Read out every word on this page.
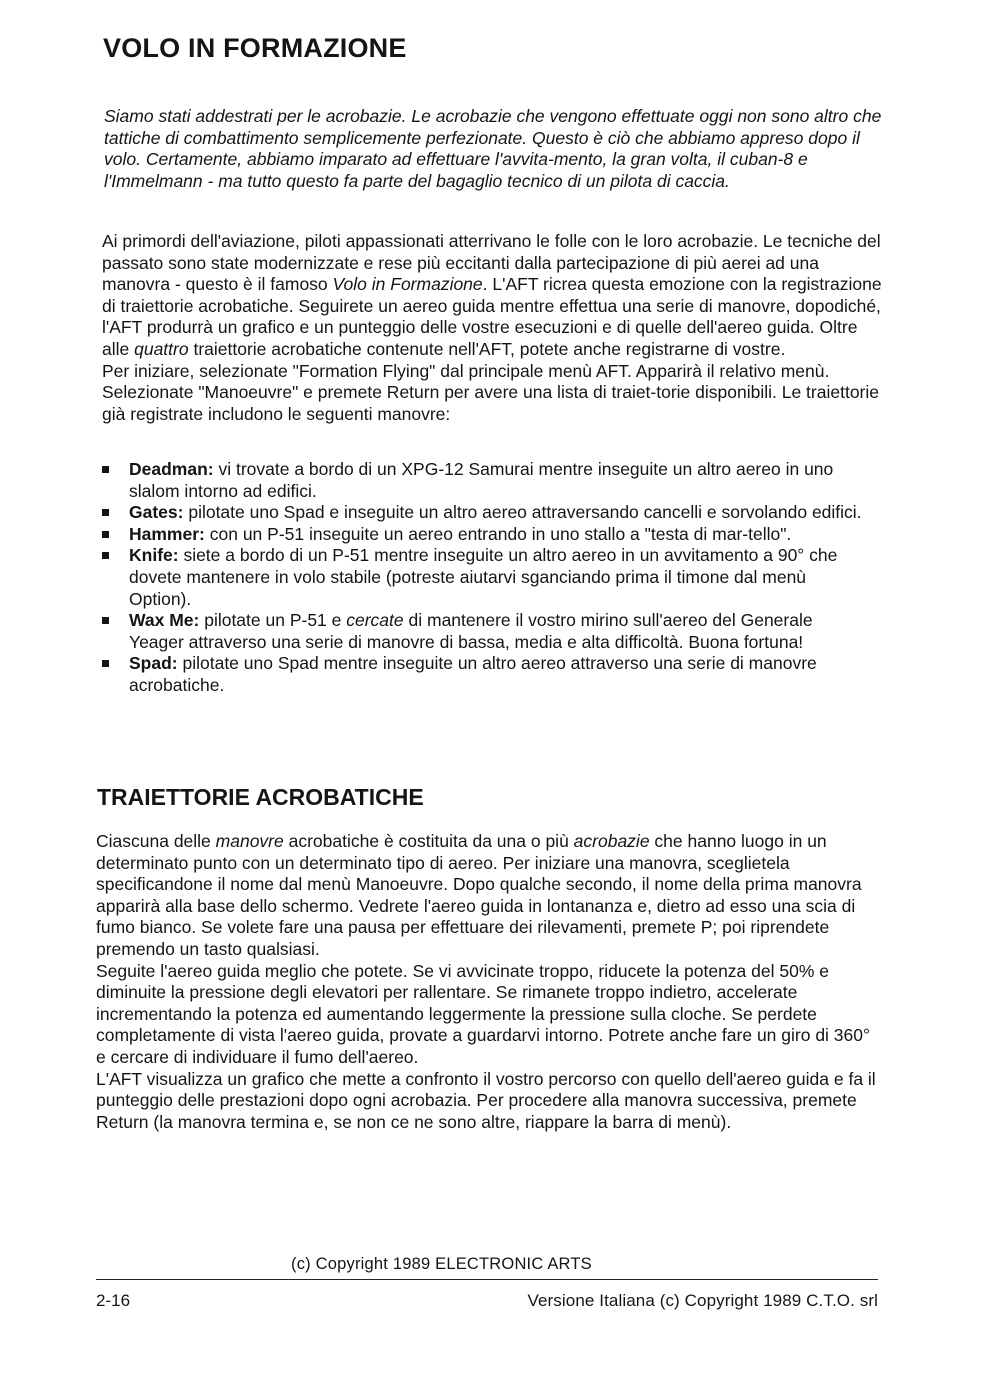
VOLO IN FORMAZIONE

Siamo stati addestrati per le acrobazie. Le acrobazie che vengono effettuate oggi non sono altro che tattiche di combattimento semplicemente perfezionate. Questo è ciò che abbiamo appreso dopo il volo. Certamente, abbiamo imparato ad effettuare l'avvita-mento, la gran volta, il cuban-8 e l'Immelmann - ma tutto questo fa parte del bagaglio tecnico di un pilota di caccia.

Ai primordi dell'aviazione, piloti appassionati atterrivano le folle con le loro acrobazie. Le tecniche del passato sono state modernizzate e rese più eccitanti dalla partecipazione di più aerei ad una manovra - questo è il famoso Volo in Formazione. L'AFT ricrea questa emozione con la registrazione di traiettorie acrobatiche. Seguirete un aereo guida mentre effettua una serie di manovre, dopodiché, l'AFT produrrà un grafico e un punteggio delle vostre esecuzioni e di quelle dell'aereo guida. Oltre alle quattro traiettorie acrobatiche contenute nell'AFT, potete anche registrarne di vostre.

Per iniziare, selezionate "Formation Flying" dal principale menù AFT. Apparirà il relativo menù. Selezionate "Manoeuvre" e premete Return per avere una lista di traiet-torie disponibili. Le traiettorie già registrate includono le seguenti manovre:

Deadman: vi trovate a bordo di un XPG-12 Samurai mentre inseguite un altro aereo in uno slalom intorno ad edifici.
Gates: pilotate uno Spad e inseguite un altro aereo attraversando cancelli e sorvolando edifici.
Hammer: con un P-51 inseguite un aereo entrando in uno stallo a "testa di mar-tello".
Knife: siete a bordo di un P-51 mentre inseguite un altro aereo in un avvitamento a 90° che dovete mantenere in volo stabile (potreste aiutarvi sganciando prima il timone dal menù Option).
Wax Me: pilotate un P-51 e cercate di mantenere il vostro mirino sull'aereo del Generale Yeager attraverso una serie di manovre di bassa, media e alta difficoltà. Buona fortuna!
Spad: pilotate uno Spad mentre inseguite un altro aereo attraverso una serie di manovre acrobatiche.
TRAIETTORIE ACROBATICHE

Ciascuna delle manovre acrobatiche è costituita da una o più acrobazie che hanno luogo in un determinato punto con un determinato tipo di aereo. Per iniziare una manovra, sceglietela specificandone il nome dal menù Manoeuvre. Dopo qualche secondo, il nome della prima manovra apparirà alla base dello schermo. Vedrete l'aereo guida in lontananza e, dietro ad esso una scia di fumo bianco. Se volete fare una pausa per effettuare dei rilevamenti, premete P; poi riprendete premendo un tasto qualsiasi.

Seguite l'aereo guida meglio che potete. Se vi avvicinate troppo, riducete la potenza del 50% e diminuite la pressione degli elevatori per rallentare. Se rimanete troppo indietro, accelerate incrementando la potenza ed aumentando leggermente la pressione sulla cloche. Se perdete completamente di vista l'aereo guida, provate a guardarvi intorno. Potrete anche fare un giro di 360° e cercare di individuare il fumo dell'aereo.

L'AFT visualizza un grafico che mette a confronto il vostro percorso con quello dell'aereo guida e fa il punteggio delle prestazioni dopo ogni acrobazia. Per procedere alla manovra successiva, premete Return (la manovra termina e, se non ce ne sono altre, riappare la barra di menù).

(c) Copyright 1989 ELECTRONIC ARTS
2-16	Versione Italiana (c) Copyright 1989 C.T.O. srl
